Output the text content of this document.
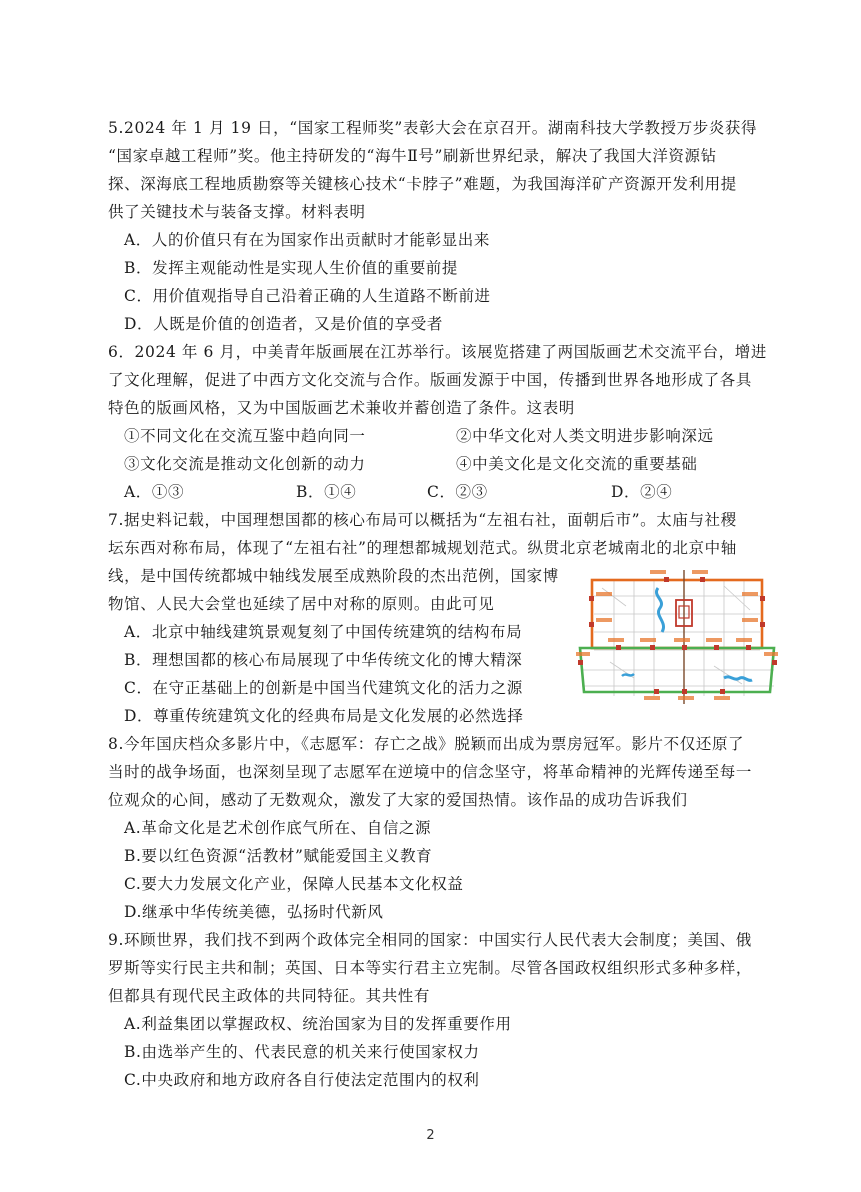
5.2024 年 1 月 19 日，“国家工程师奖”表彰大会在京召开。湖南科技大学教授万步炎获得
“国家卓越工程师”奖。他主持研发的“海牛Ⅱ号”刷新世界纪录，解决了我国大洋资源钻
探、深海底工程地质勘察等关键核心技术“卡脖子”难题，为我国海洋矿产资源开发利用提
供了关键技术与装备支撑。材料表明
A．人的价值只有在为国家作出贡献时才能彰显出来
B．发挥主观能动性是实现人生价值的重要前提
C．用价值观指导自己沿着正确的人生道路不断前进
D．人既是价值的创造者，又是价值的享受者
6．2024 年 6 月，中美青年版画展在江苏举行。该展览搭建了两国版画艺术交流平台，增进
了文化理解，促进了中西方文化交流与合作。版画发源于中国，传播到世界各地形成了各具
特色的版画风格，又为中国版画艺术兼收并蓄创造了条件。这表明
①不同文化在交流互鉴中趋向同一	②中华文化对人类文明进步影响深远
③文化交流是推动文化创新的动力	④中美文化是文化交流的重要基础
A．①③	B．①④	C．②③	D．②④
7.据史料记载，中国理想国都的核心布局可以概括为“左祖右社，面朝后市”。太庙与社稷
坛东西对称布局，体现了“左祖右社”的理想都城规划范式。纵贯北京老城南北的北京中轴
线，是中国传统都城中轴线发展至成熟阶段的杰出范例，国家博
物馆、人民大会堂也延续了居中对称的原则。由此可见
A．北京中轴线建筑景观复刻了中国传统建筑的结构布局
B．理想国都的核心布局展现了中华传统文化的博大精深
C．在守正基础上的创新是中国当代建筑文化的活力之源
D．尊重传统建筑文化的经典布局是文化发展的必然选择
8.今年国庆档众多影片中，《志愿军：存亡之战》脱颖而出成为票房冠军。影片不仅还原了
当时的战争场面，也深刻呈现了志愿军在逆境中的信念坚守，将革命精神的光辉传递至每一
位观众的心间，感动了无数观众，激发了大家的爱国热情。该作品的成功告诉我们
A.革命文化是艺术创作底气所在、自信之源
B.要以红色资源“活教材”赋能爱国主义教育
C.要大力发展文化产业，保障人民基本文化权益
D.继承中华传统美德，弘扬时代新风
9.环顾世界，我们找不到两个政体完全相同的国家：中国实行人民代表大会制度；美国、俄
罗斯等实行民主共和制；英国、日本等实行君主立宪制。尽管各国政权组织形式多种多样，
但都具有现代民主政体的共同特征。其共性有
A.利益集团以掌握政权、统治国家为目的发挥重要作用
B.由选举产生的、代表民意的机关来行使国家权力
C.中央政府和地方政府各自行使法定范围内的权利
2
